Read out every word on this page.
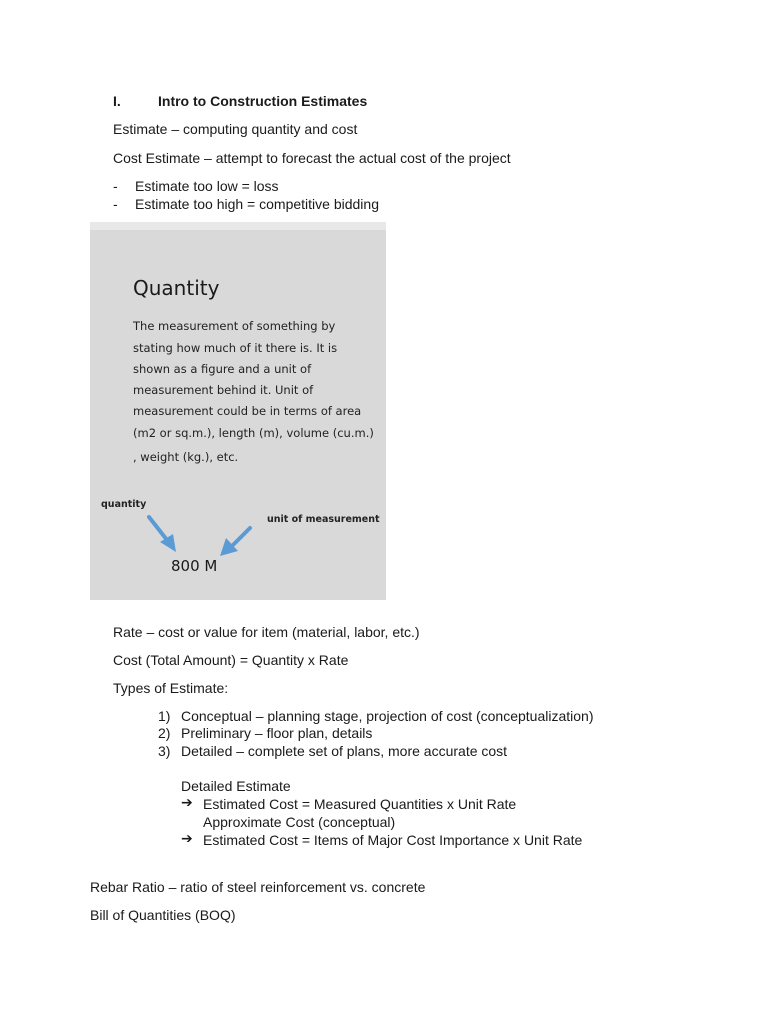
I.	Intro to Construction Estimates
Estimate – computing quantity and cost
Cost Estimate – attempt to forecast the actual cost of the project
- Estimate too low = loss
- Estimate too high = competitive bidding
Quantity
The measurement of something by
stating how much of it there is. It is
shown as a figure and a unit of
measurement behind it. Unit of
measurement could be in terms of area
(m2 or sq.m.), length (m), volume (cu.m.)
, weight (kg.), etc.
quantity
unit of measurement
800 M
Rate – cost or value for item (material, labor, etc.)
Cost (Total Amount) = Quantity x Rate
Types of Estimate:
1) Conceptual – planning stage, projection of cost (conceptualization)
2) Preliminary – floor plan, details
3) Detailed – complete set of plans, more accurate cost
Detailed Estimate
➔ Estimated Cost = Measured Quantities x Unit Rate
Approximate Cost (conceptual)
➔ Estimated Cost = Items of Major Cost Importance x Unit Rate
Rebar Ratio – ratio of steel reinforcement vs. concrete
Bill of Quantities (BOQ)
